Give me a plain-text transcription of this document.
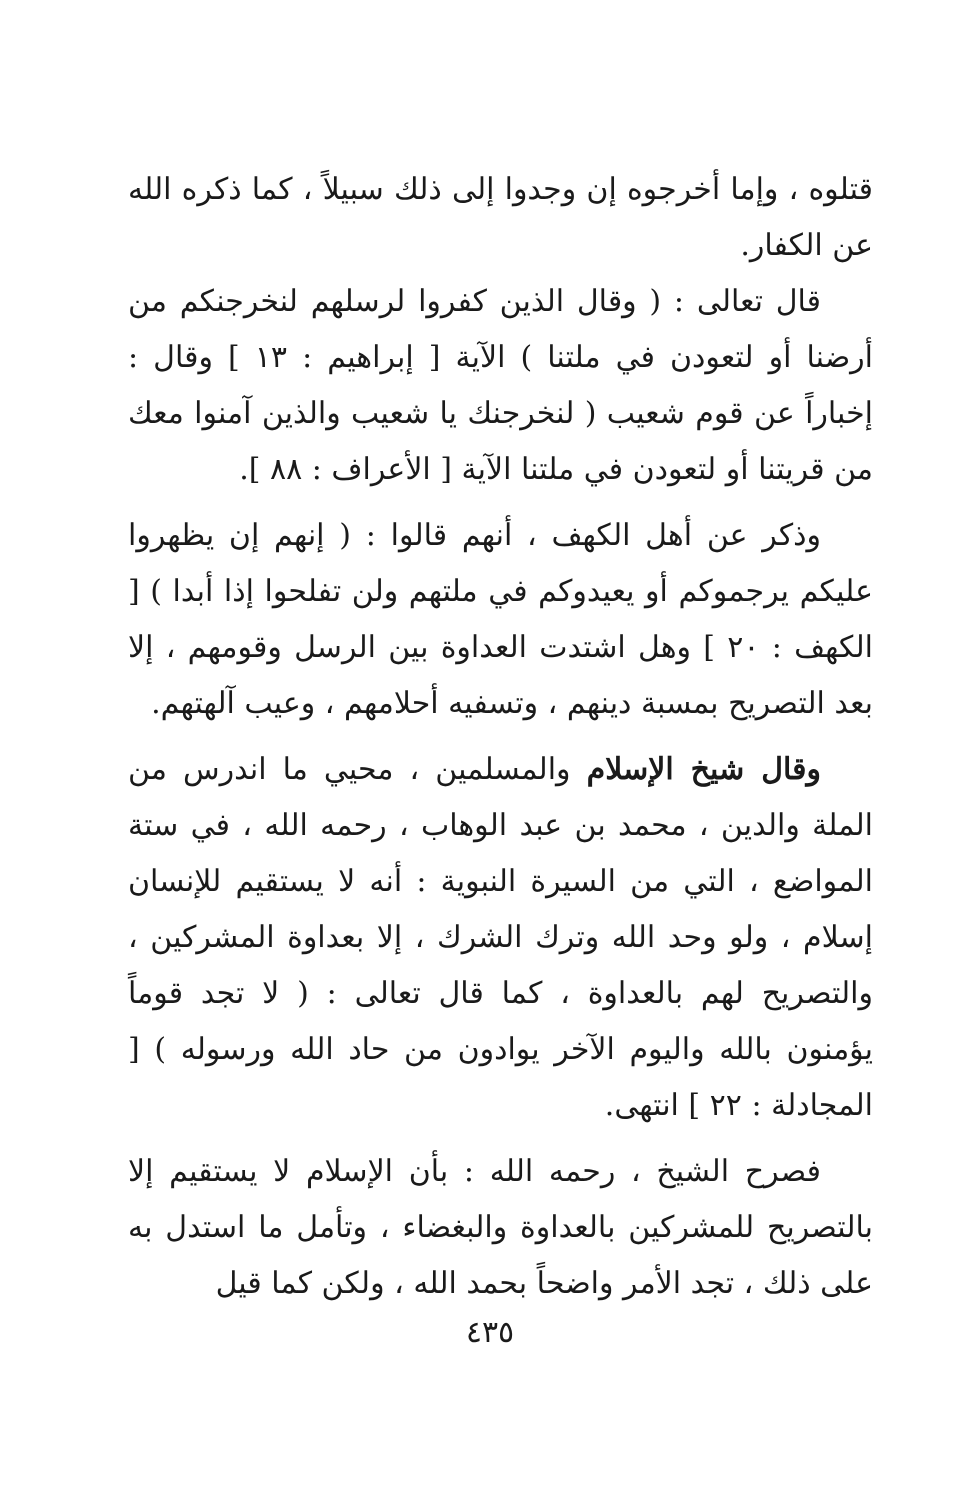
قتلوه ، وإما أخرجوه إن وجدوا إلى ذلك سبيلاً ، كما ذكره الله عن الكفار.

قال تعالى : ( وقال الذين كفروا لرسلهم لنخرجنكم من أرضنا أو لتعودن في ملتنا ) الآية [ إبراهيم : ١٣ ] وقال : إخباراً عن قوم شعيب ( لنخرجنك يا شعيب والذين آمنوا معك من قريتنا أو لتعودن في ملتنا الآية [ الأعراف : ٨٨ ].

وذكر عن أهل الكهف ، أنهم قالوا : ( إنهم إن يظهروا عليكم يرجموكم أو يعيدوكم في ملتهم ولن تفلحوا إذا أبدا ) [ الكهف : ٢٠ ] وهل اشتدت العداوة بين الرسل وقومهم ، إلا بعد التصريح بمسبة دينهم ، وتسفيه أحلامهم ، وعيب آلهتهم.

وقال شيخ الإسلام والمسلمين ، محيي ما اندرس من الملة والدين ، محمد بن عبد الوهاب ، رحمه الله ، في ستة المواضع ، التي من السيرة النبوية : أنه لا يستقيم للإنسان إسلام ، ولو وحد الله وترك الشرك ، إلا بعداوة المشركين ، والتصريح لهم بالعداوة ، كما قال تعالى : ( لا تجد قوماً يؤمنون بالله واليوم الآخر يوادون من حاد الله ورسوله ) [ المجادلة : ٢٢ ] انتهى.

فصرح الشيخ ، رحمه الله : بأن الإسلام لا يستقيم إلا بالتصريح للمشركين بالعداوة والبغضاء ، وتأمل ما استدل به على ذلك ، تجد الأمر واضحاً بحمد الله ، ولكن كما قيل

٤٣٥
